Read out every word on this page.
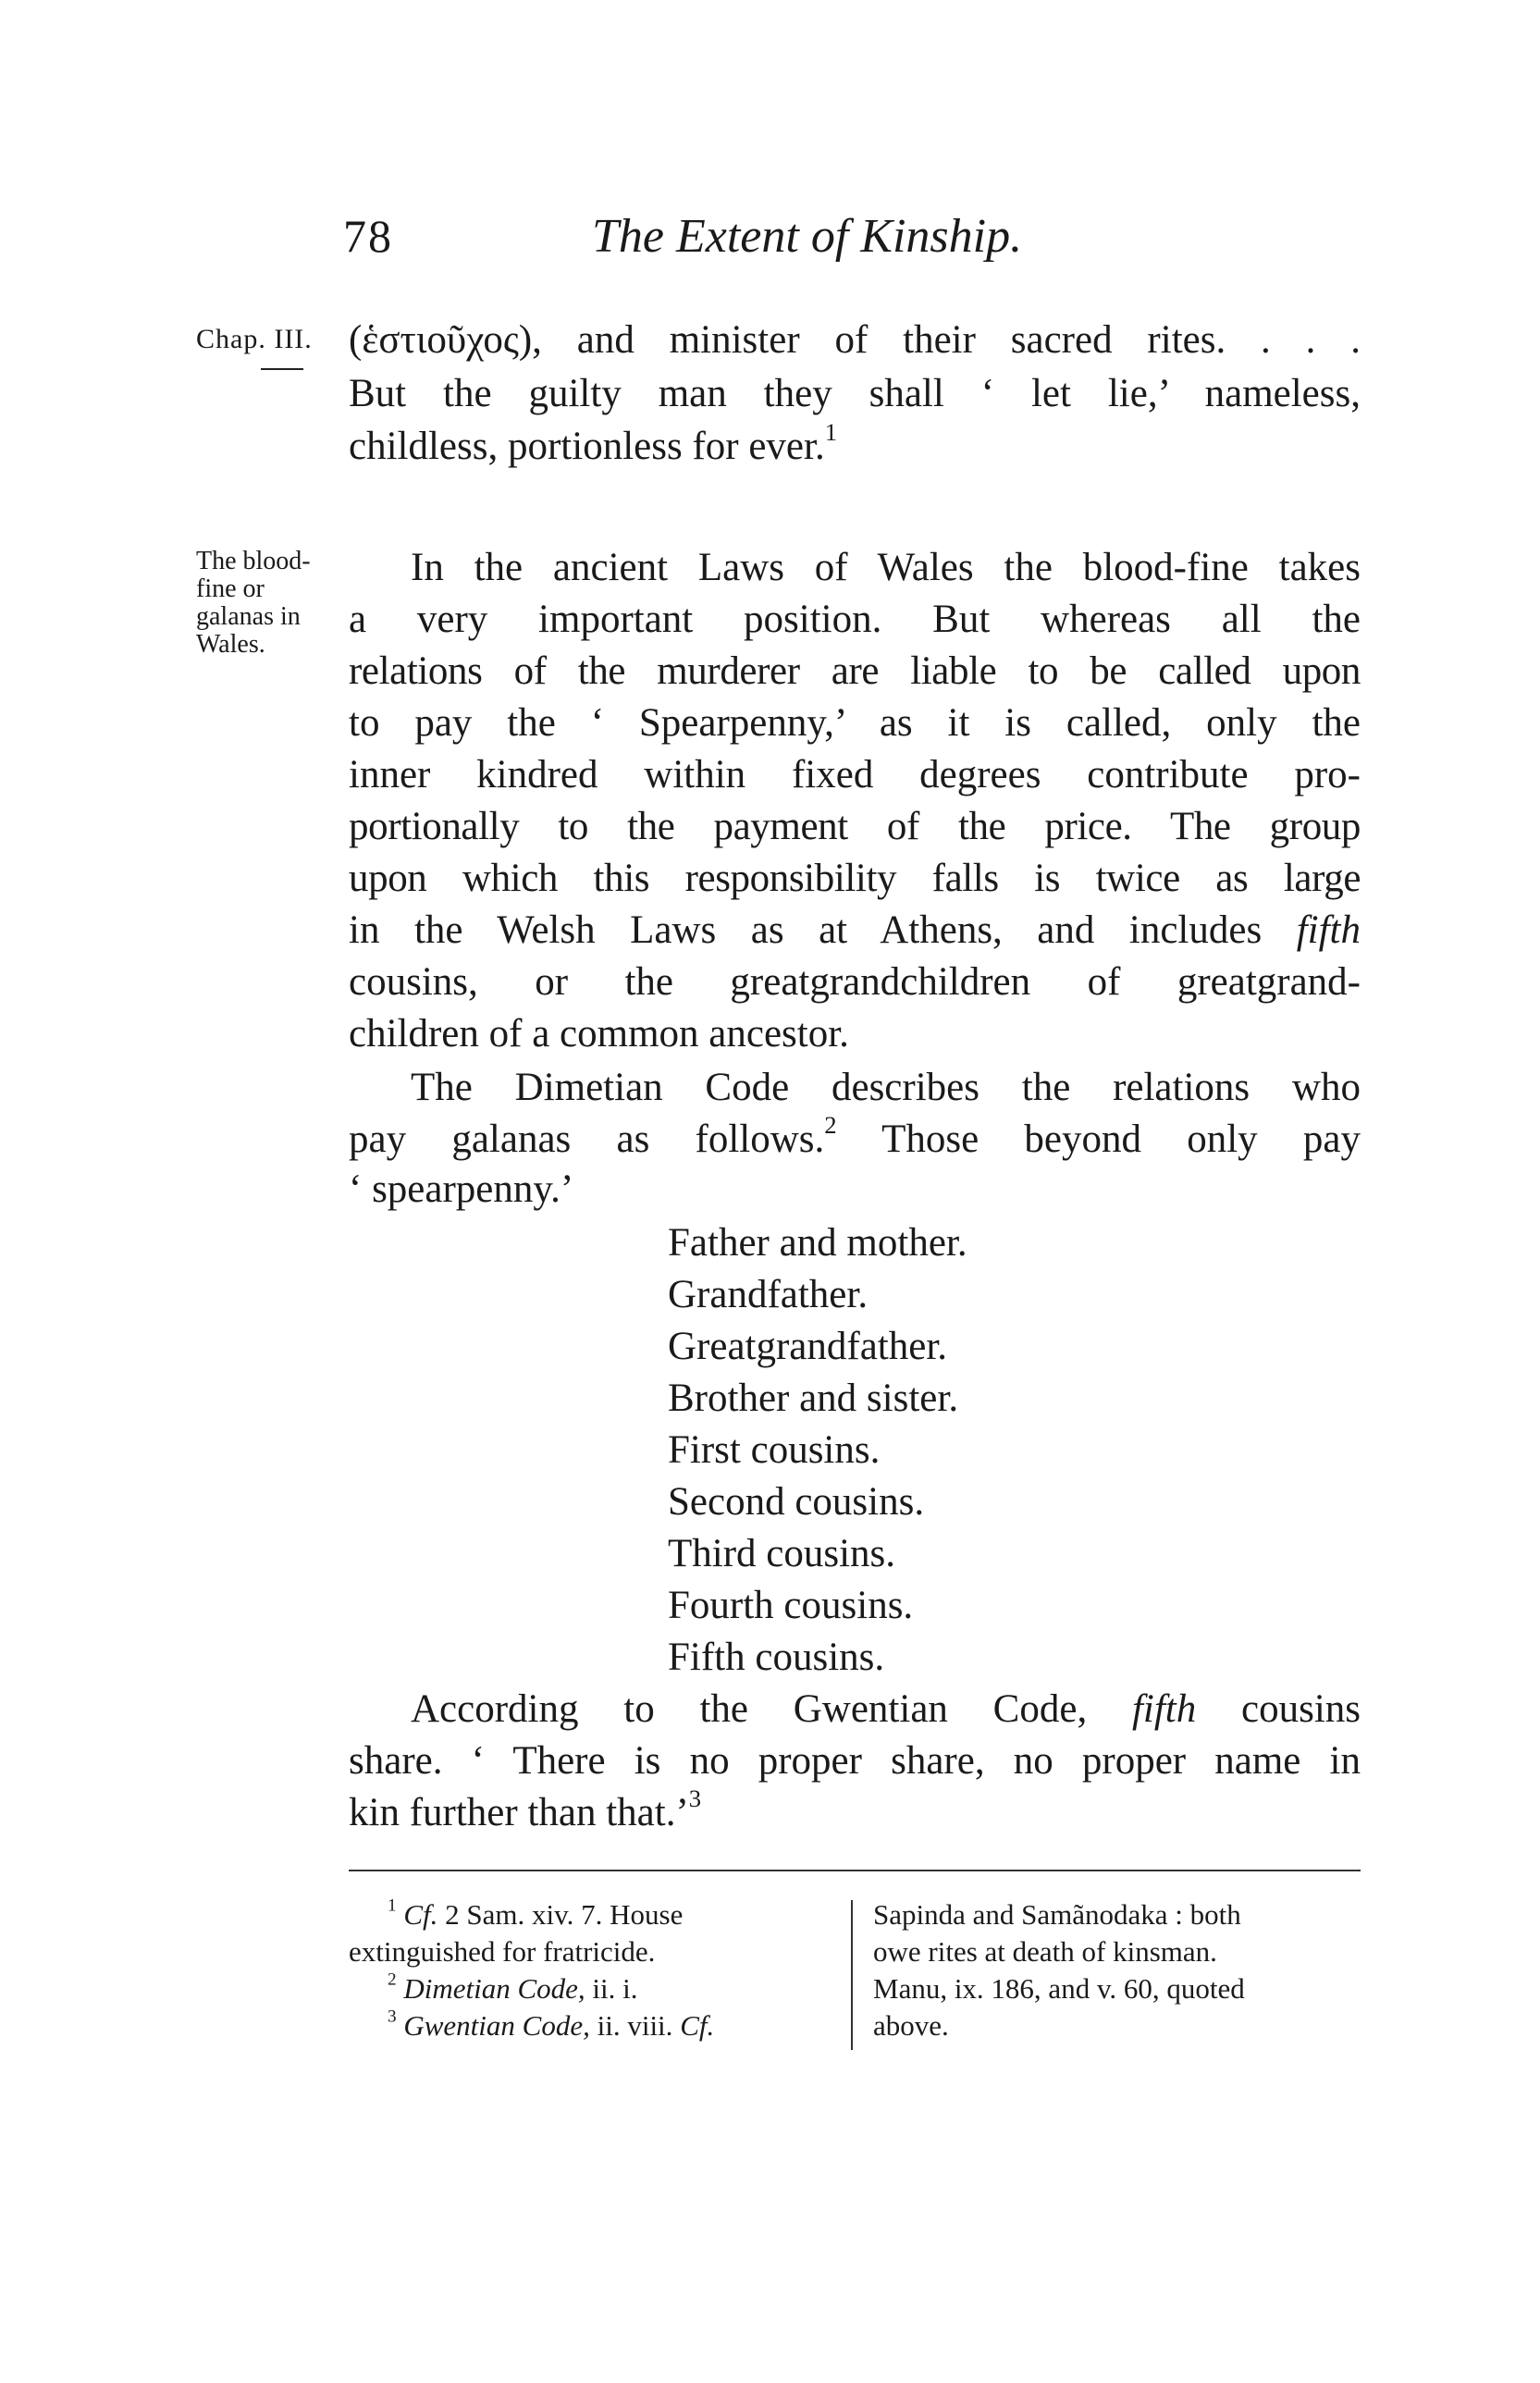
78	The Extent of Kinship.
Chap. III.
The blood-
fine or
galanas in
Wales.
(ἑστιοῦχος), and minister of their sacred rites. . . .
But the guilty man they shall ‘ let lie,’ nameless,
childless, portionless for ever.$^1$
In the ancient Laws of Wales the blood-fine takes
a very important position. But whereas all the
relations of the murderer are liable to be called upon
to pay the ‘ Spearpenny,’ as it is called, only the
inner kindred within fixed degrees contribute pro-
portionally to the payment of the price. The group
upon which this responsibility falls is twice as large
in the Welsh Laws as at Athens, and includes fifth
cousins, or the greatgrandchildren of greatgrand-
children of a common ancestor.
The Dimetian Code describes the relations who
pay galanas as follows.$^2$ Those beyond only pay
‘ spearpenny.’
Father and mother.
Grandfather.
Greatgrandfather.
Brother and sister.
First cousins.
Second cousins.
Third cousins.
Fourth cousins.
Fifth cousins.
According to the Gwentian Code, fifth cousins
share. ‘ There is no proper share, no proper name in
kin further than that.’$^3$
$^1$ Cf. 2 Sam. xiv. 7. House
extinguished for fratricide.
$^2$ Dimetian Code, ii. i.
$^3$ Gwentian Code, ii. viii. Cf.
Sapinda and Samãnodaka : both
owe rites at death of kinsman.
Manu, ix. 186, and v. 60, quoted
above.
